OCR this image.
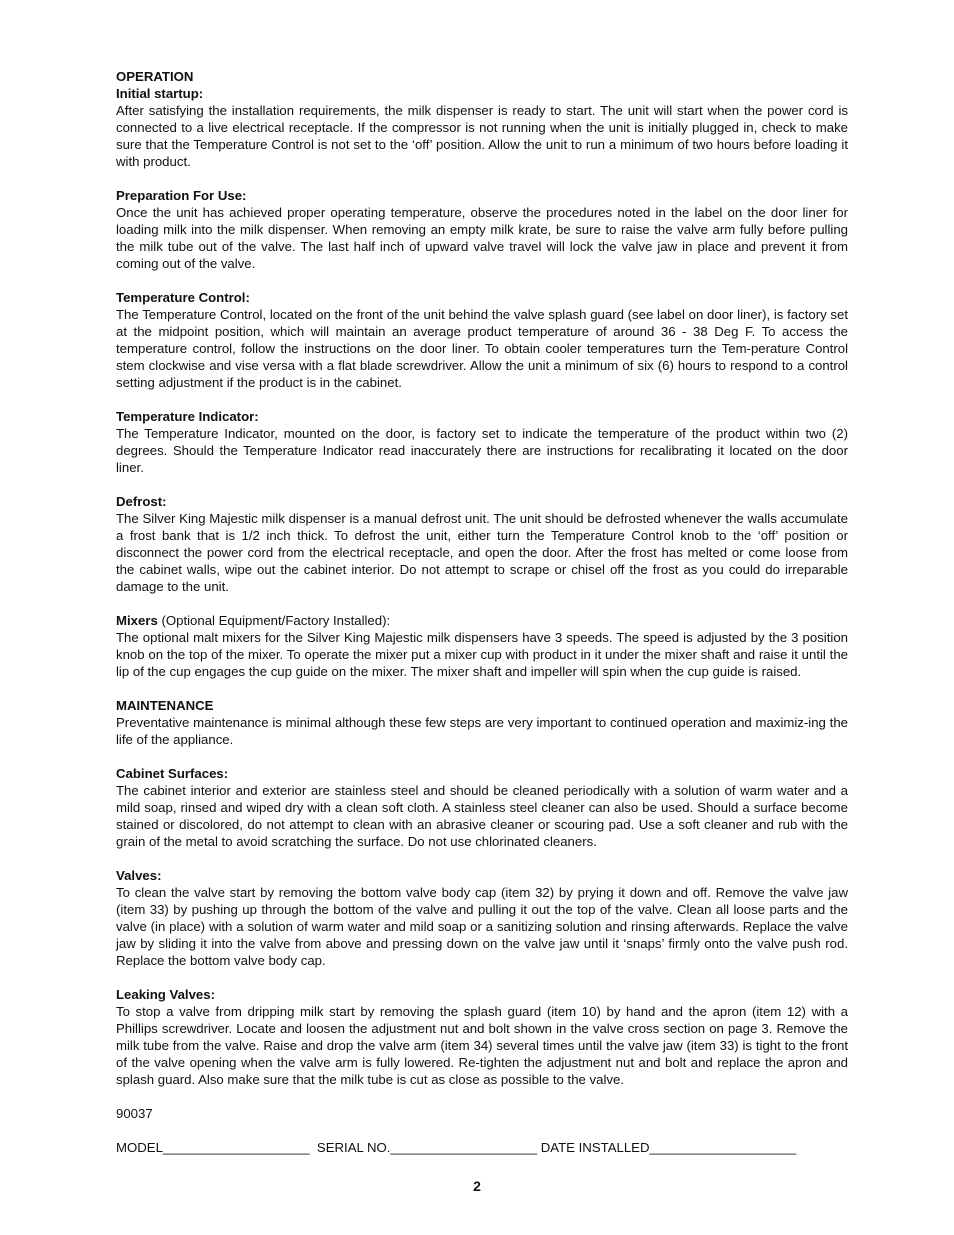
OPERATION
Initial startup:

After satisfying the installation requirements, the milk dispenser is ready to start. The unit will start when the power cord is connected to a live electrical receptacle. If the compressor is not running when the unit is initially plugged in, check to make sure that the Temperature Control is not set to the ‘off’ position. Allow the unit to run a minimum of two hours before loading it with product.

Preparation For Use:

Once the unit has achieved proper operating temperature, observe the procedures noted in the label on the door liner for loading milk into the milk dispenser. When removing an empty milk krate, be sure to raise the valve arm fully before pulling the milk tube out of the valve. The last half inch of upward valve travel will lock the valve jaw in place and prevent it from coming out of the valve.

Temperature Control:

The Temperature Control, located on the front of the unit behind the valve splash guard (see label on door liner), is factory set at the midpoint position, which will maintain an average product temperature of around 36 - 38 Deg F. To access the temperature control, follow the instructions on the door liner. To obtain cooler temperatures turn the Tem-perature Control stem clockwise and vise versa with a flat blade screwdriver. Allow the unit a minimum of six (6) hours to respond to a control setting adjustment if the product is in the cabinet.

Temperature Indicator:

The Temperature Indicator, mounted on the door, is factory set to indicate the temperature of the product within two (2) degrees. Should the Temperature Indicator read inaccurately there are instructions for recalibrating it located on the door liner.

Defrost:

The Silver King Majestic milk dispenser is a manual defrost unit. The unit should be defrosted whenever the walls accumulate a frost bank that is 1/2 inch thick. To defrost the unit, either turn the Temperature Control knob to the ‘off’ position or disconnect the power cord from the electrical receptacle, and open the door. After the frost has melted or come loose from the cabinet walls, wipe out the cabinet interior. Do not attempt to scrape or chisel off the frost as you could do irreparable damage to the unit.

Mixers (Optional Equipment/Factory Installed):

The optional malt mixers for the Silver King Majestic milk dispensers have 3 speeds. The speed is adjusted by the 3 position knob on the top of the mixer. To operate the mixer put a mixer cup with product in it under the mixer shaft and raise it until the lip of the cup engages the cup guide on the mixer. The mixer shaft and impeller will spin when the cup guide is raised.

MAINTENANCE

Preventative maintenance is minimal although these few steps are very important to continued operation and maximiz-ing the life of the appliance.

Cabinet Surfaces:

The cabinet interior and exterior are stainless steel and should be cleaned periodically with a solution of warm water and a mild soap, rinsed and wiped dry with a clean soft cloth. A stainless steel cleaner can also be used. Should a surface become stained or discolored, do not attempt to clean with an abrasive cleaner or scouring pad. Use a soft cleaner and rub with the grain of the metal to avoid scratching the surface. Do not use chlorinated cleaners.

Valves:

To clean the valve start by removing the bottom valve body cap (item 32) by prying it down and off. Remove the valve jaw (item 33) by pushing up through the bottom of the valve and pulling it out the top of the valve. Clean all loose parts and the valve (in place) with a solution of warm water and mild soap or a sanitizing solution and rinsing afterwards. Replace the valve jaw by sliding it into the valve from above and pressing down on the valve jaw until it ‘snaps’ firmly onto the valve push rod. Replace the bottom valve body cap.

Leaking Valves:

To stop a valve from dripping milk start by removing the splash guard (item 10) by hand and the apron (item 12) with a Phillips screwdriver. Locate and loosen the adjustment nut and bolt shown in the valve cross section on page 3. Remove the milk tube from the valve. Raise and drop the valve arm (item 34) several times until the valve jaw (item 33) is tight to the front of the valve opening when the valve arm is fully lowered. Re-tighten the adjustment nut and bolt and replace the apron and splash guard. Also make sure that the milk tube is cut as close as possible to the valve.

90037
MODEL____________________  SERIAL NO.____________________ DATE INSTALLED____________________
2
